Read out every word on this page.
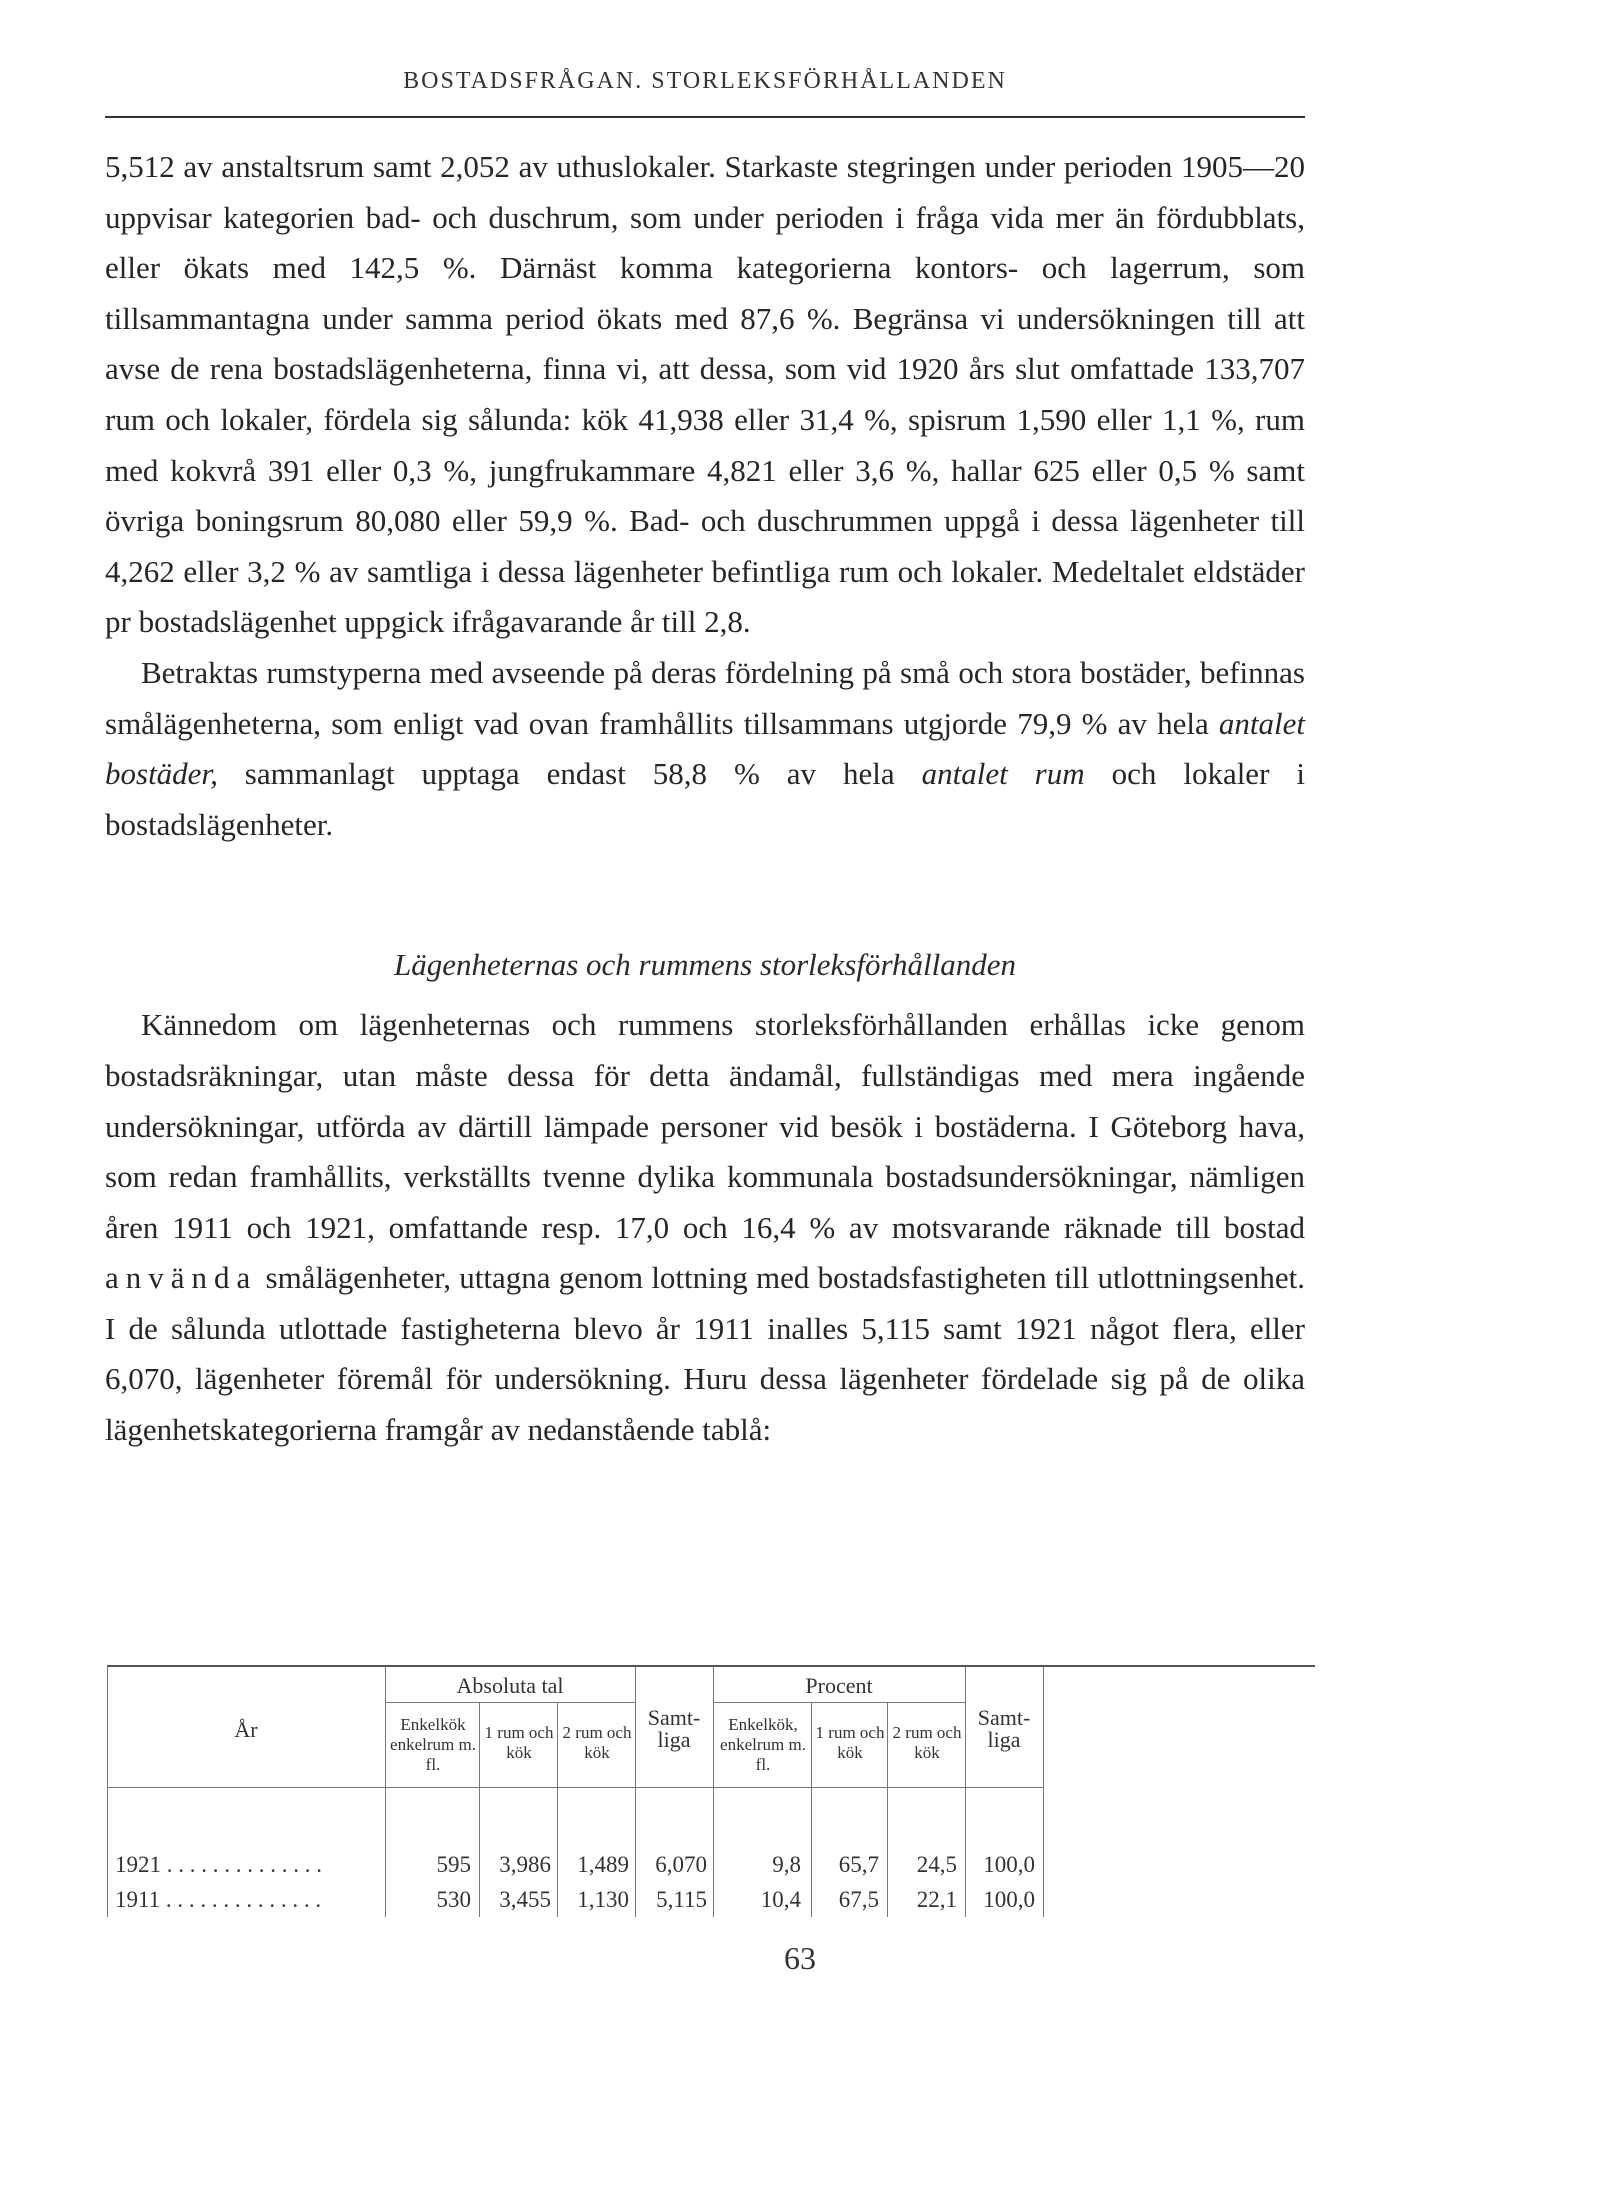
BOSTADSFRÅGAN. STORLEKSFÖRHÅLLANDEN

5,512 av anstaltsrum samt 2,052 av uthuslokaler. Starkaste stegringen under perioden 1905—20 uppvisar kategorien bad- och duschrum, som under perioden i fråga vida mer än fördubblats, eller ökats med 142,5 %. Därnäst komma kategorierna kontors- och lagerrum, som tillsammantagna under samma period ökats med 87,6 %. Begränsa vi undersökningen till att avse de rena bostadslägenheterna, finna vi, att dessa, som vid 1920 års slut omfattade 133,707 rum och lokaler, fördela sig sålunda: kök 41,938 eller 31,4 %, spisrum 1,590 eller 1,1 %, rum med kokvrå 391 eller 0,3 %, jungfrukammare 4,821 eller 3,6 %, hallar 625 eller 0,5 % samt övriga boningsrum 80,080 eller 59,9 %. Bad- och duschrummen uppgå i dessa lägenheter till 4,262 eller 3,2 % av samtliga i dessa lägenheter befintliga rum och lokaler. Medeltalet eldstäder pr bostadslägenhet uppgick ifrågavarande år till 2,8.

Betraktas rumstyperna med avseende på deras fördelning på små och stora bostäder, befinnas smålägenheterna, som enligt vad ovan framhållits tillsammans utgjorde 79,9 % av hela antalet bostäder, sammanlagt upptaga endast 58,8 % av hela antalet rum och lokaler i bostadslägenheter.

Lägenheternas och rummens storleksförhållanden

Kännedom om lägenheternas och rummens storleksförhållanden erhållas icke genom bostadsräkningar, utan måste dessa för detta ändamål, fullständigas med mera ingående undersökningar, utförda av därtill lämpade personer vid besök i bostäderna. I Göteborg hava, som redan framhållits, verkställts tvenne dylika kommunala bostadsundersökningar, nämligen åren 1911 och 1921, omfattande resp. 17,0 och 16,4 % av motsvarande räknade till bostad använda smålägenheter, uttagna genom lottning med bostadsfastigheten till utlottningsenhet. I de sålunda utlottade fastigheterna blevo år 1911 inalles 5,115 samt 1921 något flera, eller 6,070, lägenheter föremål för undersökning. Huru dessa lägenheter fördelade sig på de olika lägenhetskategorierna framgår av nedanstående tablå:

År
Absoluta tal	Procent
Enkelkök enkelrum m. fl.
1 rum och kök
2 rum och kök
Samt-liga
Enkelkök, enkelrum m. fl.
1 rum och kök
2 rum och kök
Samt-liga
1921 . . . . . . . . . . . . . .	595	3,986	1,489	6,070	9,8	65,7	24,5	100,0
1911 . . . . . . . . . . . . . .	530	3,455	1,130	5,115	10,4	67,5	22,1	100,0
63
